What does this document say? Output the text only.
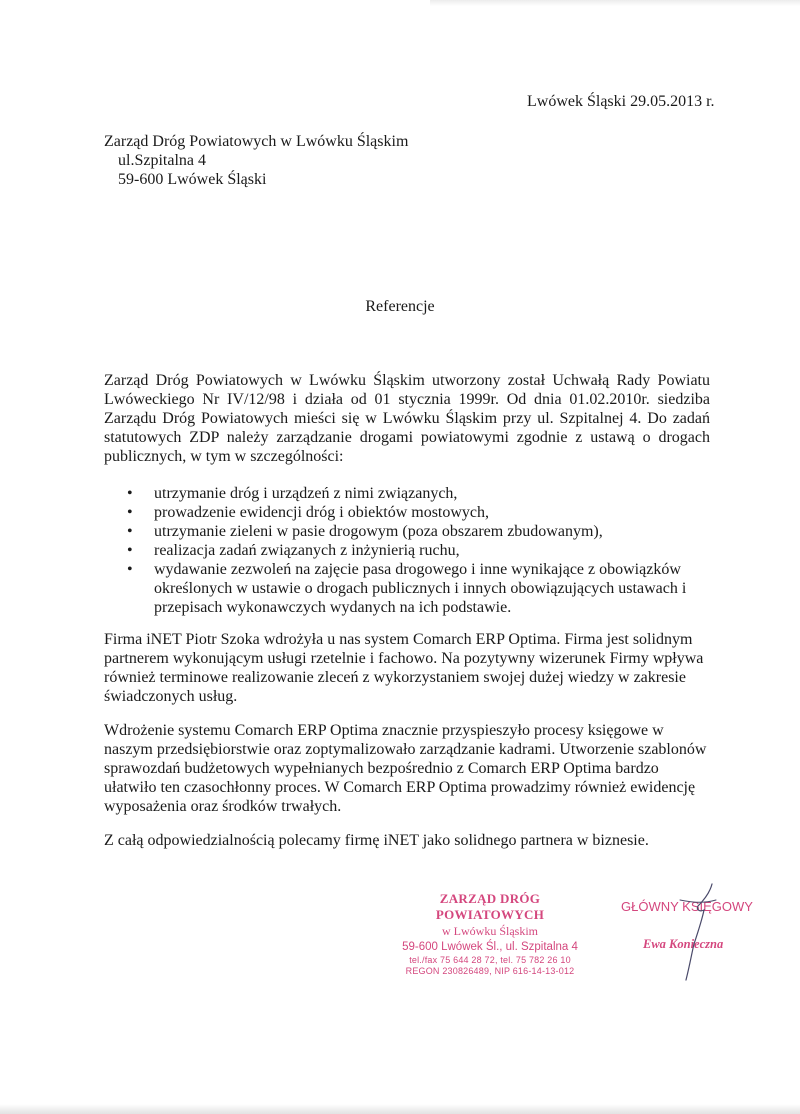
Lwówek Śląski 29.05.2013 r.
Zarząd Dróg Powiatowych w Lwówku Śląskim
ul.Szpitalna 4
59-600 Lwówek Śląski
Referencje
Zarząd Dróg Powiatowych w Lwówku Śląskim utworzony został Uchwałą Rady Powiatu Lwóweckiego Nr IV/12/98 i działa od 01 stycznia 1999r. Od dnia 01.02.2010r. siedziba Zarządu Dróg Powiatowych mieści się w Lwówku Śląskim przy ul. Szpitalnej 4. Do zadań statutowych ZDP należy zarządzanie drogami powiatowymi zgodnie z ustawą o drogach publicznych, w tym w szczególności:
• utrzymanie dróg i urządzeń z nimi związanych,
• prowadzenie ewidencji dróg i obiektów mostowych,
• utrzymanie zieleni w pasie drogowym (poza obszarem zbudowanym),
• realizacja zadań związanych z inżynierią ruchu,
• wydawanie zezwoleń na zajęcie pasa drogowego i inne wynikające z obowiązków określonych w ustawie o drogach publicznych i innych obowiązujących ustawach i przepisach wykonawczych wydanych na ich podstawie.
Firma iNET Piotr Szoka wdrożyła u nas system Comarch ERP Optima. Firma jest solidnym partnerem wykonującym usługi rzetelnie i fachowo. Na pozytywny wizerunek Firmy wpływa również terminowe realizowanie zleceń z wykorzystaniem swojej dużej wiedzy w zakresie świadczonych usług.
Wdrożenie systemu Comarch ERP Optima znacznie przyspieszyło procesy księgowe w naszym przedsiębiorstwie oraz zoptymalizowało zarządzanie kadrami. Utworzenie szablonów sprawozdań budżetowych wypełnianych bezpośrednio z Comarch ERP Optima bardzo ułatwiło ten czasochłonny proces. W Comarch ERP Optima prowadzimy również ewidencję wyposażenia oraz środków trwałych.
Z całą odpowiedzialnością polecamy firmę iNET jako solidnego partnera w biznesie.
ZARZĄD DRÓG POWIATOWYCH
w Lwówku Śląskim
59-600 Lwówek Śl., ul. Szpitalna 4
tel./fax 75 644 28 72, tel. 75 782 26 10
REGON 230826489, NIP 616-14-13-012
GŁÓWNY KSIĘGOWY
Ewa Konieczna
